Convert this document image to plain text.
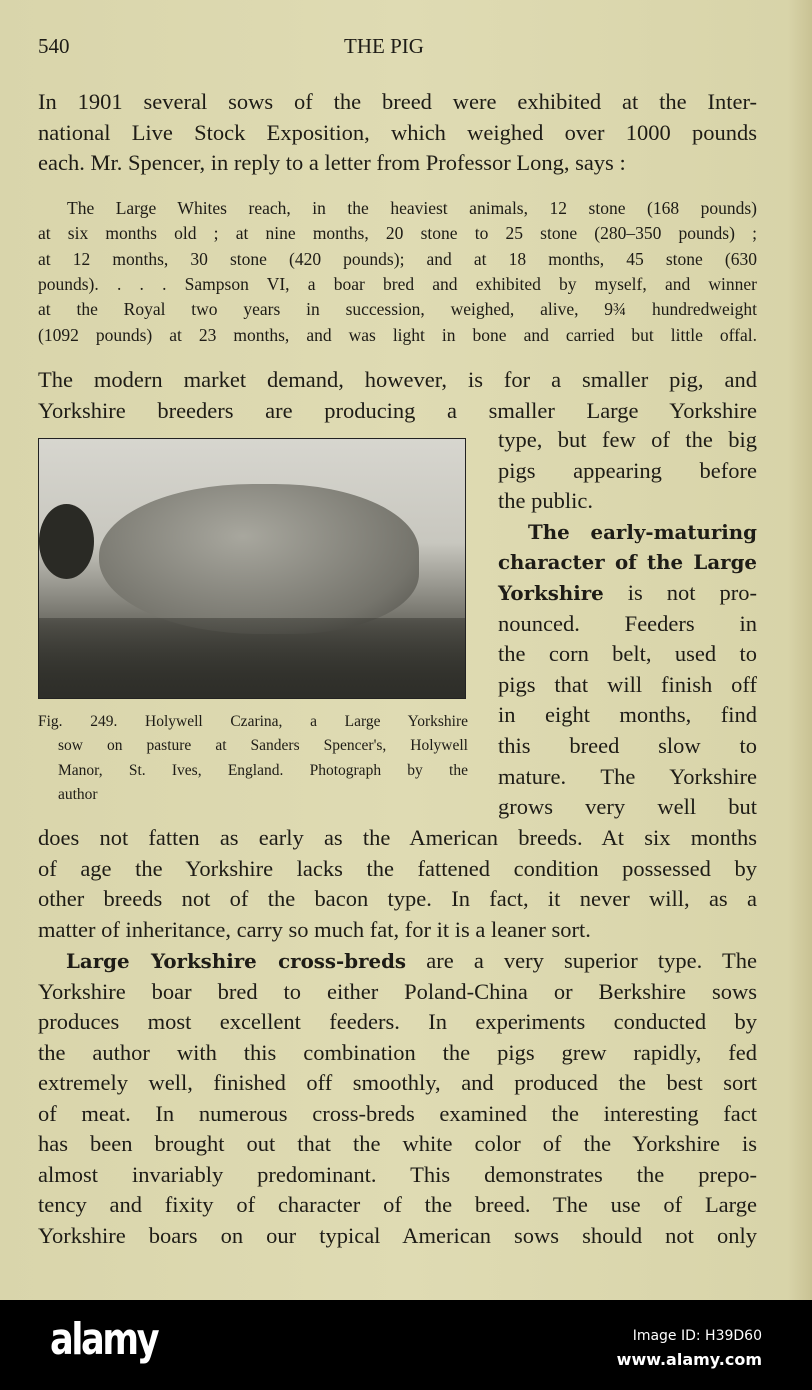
540	THE PIG
In 1901 several sows of the breed were exhibited at the Inter-
national Live Stock Exposition, which weighed over 1000 pounds
each. Mr. Spencer, in reply to a letter from Professor Long, says :
The Large Whites reach, in the heaviest animals, 12 stone (168 pounds)
at six months old ; at nine months, 20 stone to 25 stone (280–350 pounds) ;
at 12 months, 30 stone (420 pounds); and at 18 months, 45 stone (630
pounds). . . . Sampson VI, a boar bred and exhibited by myself, and winner
at the Royal two years in succession, weighed, alive, 9¾ hundredweight
(1092 pounds) at 23 months, and was light in bone and carried but little offal.
The modern market demand, however, is for a smaller pig, and
Yorkshire breeders are producing a smaller Large Yorkshire
type, but few of the big
pigs appearing before
the public.
The early-maturing
character of the Large
Yorkshire is not pro-
nounced. Feeders in
the corn belt, used to
pigs that will finish off
in eight months, find
this breed slow to
mature. The Yorkshire
grows very well but
does not fatten as early as the American breeds. At six months
of age the Yorkshire lacks the fattened condition possessed by
other breeds not of the bacon type. In fact, it never will, as a
matter of inheritance, carry so much fat, for it is a leaner sort.
Large Yorkshire cross-breds are a very superior type. The
Yorkshire boar bred to either Poland-China or Berkshire sows
produces most excellent feeders. In experiments conducted by
the author with this combination the pigs grew rapidly, fed
extremely well, finished off smoothly, and produced the best sort
of meat. In numerous cross-breds examined the interesting fact
has been brought out that the white color of the Yorkshire is
almost invariably predominant. This demonstrates the prepo-
tency and fixity of character of the breed. The use of Large
Yorkshire boars on our typical American sows should not only
Fig. 249. Holywell Czarina, a Large Yorkshire
sow on pasture at Sanders Spencer's, Holywell
Manor, St. Ives, England. Photograph by the
author
alamy	Image ID: H39D60
www.alamy.com
